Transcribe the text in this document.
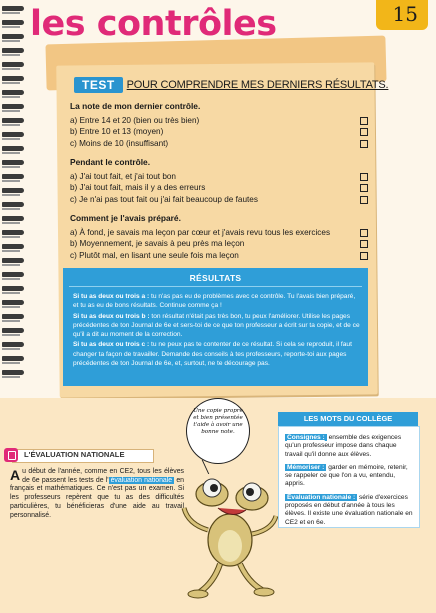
les contrôles	15
TEST	POUR COMPRENDRE MES DERNIERS RÉSULTATS.
La note de mon dernier contrôle.
a) Entre 14 et 20 (bien ou très bien)
b) Entre 10 et 13 (moyen)
c) Moins de 10 (insuffisant)
Pendant le contrôle.
a) J'ai tout fait, et j'ai tout bon
b) J'ai tout fait, mais il y a des erreurs
c) Je n'ai pas tout fait ou j'ai fait beaucoup de fautes
Comment je l'avais préparé.
a) À fond, je savais ma leçon par cœur et j'avais revu tous les exercices
b) Moyennement, je savais à peu près ma leçon
c) Plutôt mal, en lisant une seule fois ma leçon
RÉSULTATS

Si tu as deux ou trois a : tu n'as pas eu de problèmes avec ce contrôle. Tu l'avais bien préparé, et tu as eu de bons résultats. Continue comme ça !

Si tu as deux ou trois b : ton résultat n'était pas très bon, tu peux l'améliorer. Utilise les pages précédentes de ton Journal de 6e et sers-toi de ce que ton professeur a écrit sur ta copie, et de ce qu'il a dit au moment de la correction.

Si tu as deux ou trois c : tu ne peux pas te contenter de ce résultat. Si cela se reproduit, il faut changer ta façon de travailler. Demande des conseils à tes professeurs, reporte-toi aux pages précédentes de ton Journal de 6e, et, surtout, ne te décourage pas.

Une copie propre et bien présentée t'aide à avoir une bonne note.
L'ÉVALUATION NATIONALE
Au début de l'année, comme en CE2, tous les élèves de 6e passent les tests de l' évaluation nationale en français et mathématiques. Ce n'est pas un examen. Si les professeurs repèrent que tu as des difficultés particulières, tu bénéficieras d'une aide au travail personnalisé.
LES MOTS DU COLLÈGE

Consignes : ensemble des exigences qu'un professeur impose dans chaque travail qu'il donne aux élèves.

Mémoriser : garder en mémoire, retenir, se rappeler ce que l'on a vu, entendu, appris.

Évaluation nationale : série d'exercices proposés en début d'année à tous les élèves. Il existe une évaluation nationale en CE2 et en 6e.
